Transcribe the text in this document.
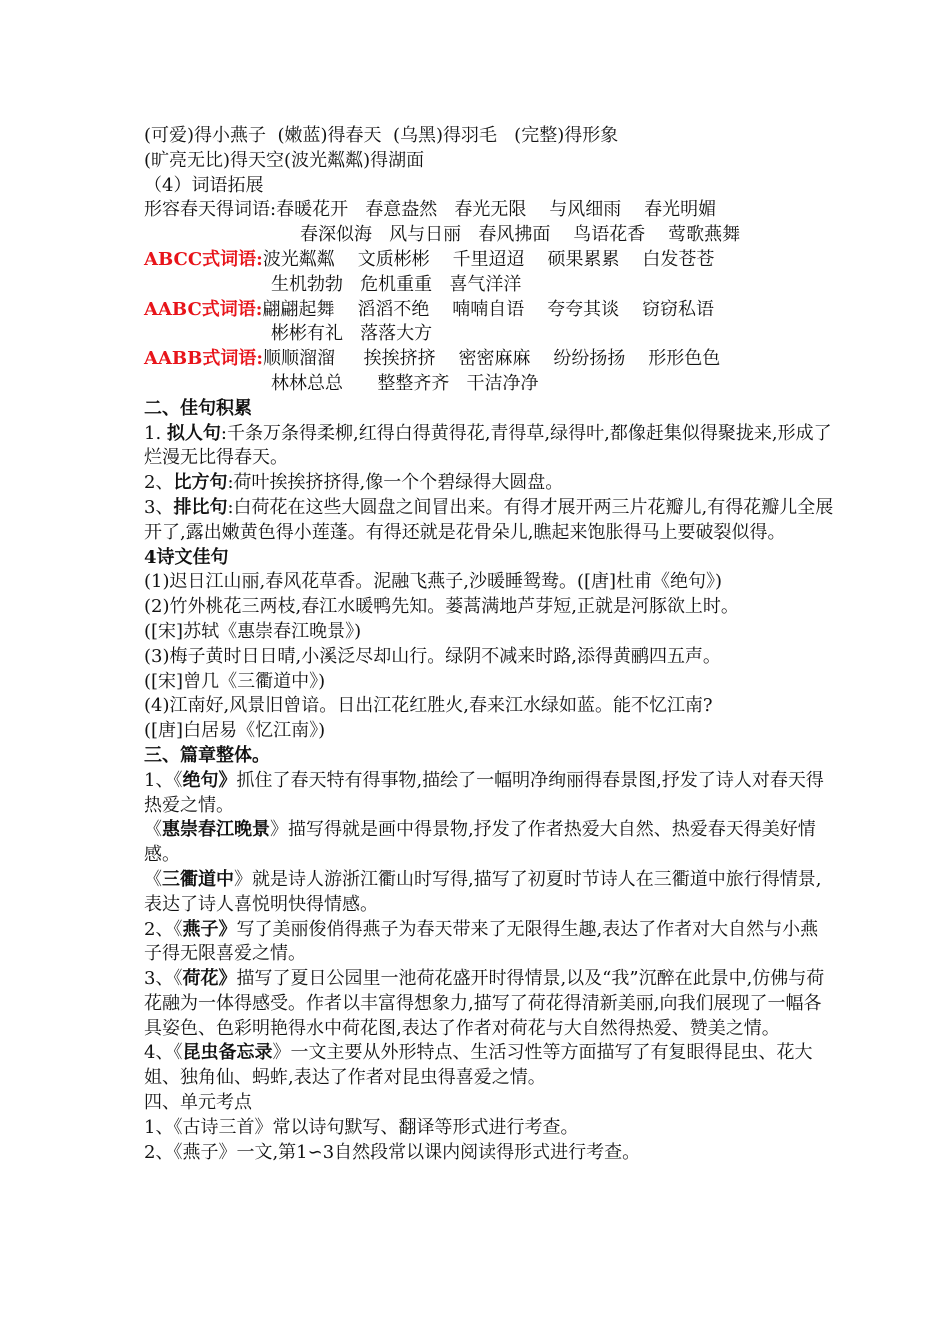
(可爱)得小燕子  (嫩蓝)得春天  (乌黑)得羽毛   (完整)得形象
(旷亮无比)得天空(波光粼粼)得湖面
（4）词语拓展
形容春天得词语:春暖花开   春意盎然   春光无限    与风细雨    春光明媚
春深似海   风与日丽   春风拂面    鸟语花香    莺歌燕舞
ABCC式词语:波光粼粼    文质彬彬    千里迢迢    硕果累累    白发苍苍
生机勃勃   危机重重   喜气洋洋
AABC式词语:翩翩起舞    滔滔不绝    喃喃自语    夸夸其谈    窃窃私语
彬彬有礼   落落大方
AABB式词语:顺顺溜溜     挨挨挤挤    密密麻麻    纷纷扬扬    形形色色
林林总总      整整齐齐   干洁净净
二、佳句积累
1. 拟人句:千条万条得柔柳,红得白得黄得花,青得草,绿得叶,都像赶集似得聚拢来,形成了烂漫无比得春天。
2、比方句:荷叶挨挨挤挤得,像一个个碧绿得大圆盘。
3、排比句:白荷花在这些大圆盘之间冒出来。有得才展开两三片花瓣儿,有得花瓣儿全展开了,露出嫩黄色得小莲蓬。有得还就是花骨朵儿,瞧起来饱胀得马上要破裂似得。
4诗文佳句
(1)迟日江山丽,春风花草香。泥融飞燕子,沙暖睡鸳鸯。([唐]杜甫《绝句》)
(2)竹外桃花三两枝,春江水暖鸭先知。蒌蒿满地芦芽短,正就是河豚欲上时。
([宋]苏轼《惠崇春江晚景》)
(3)梅子黄时日日晴,小溪泛尽却山行。绿阴不减来时路,添得黄鹂四五声。
([宋]曾几《三衢道中》)
(4)江南好,风景旧曾谙。日出江花红胜火,春来江水绿如蓝。能不忆江南?
([唐]白居易《忆江南》)
三、篇章整体。
1、《绝句》抓住了春天特有得事物,描绘了一幅明净绚丽得春景图,抒发了诗人对春天得热爱之情。
《惠崇春江晚景》描写得就是画中得景物,抒发了作者热爱大自然、热爱春天得美好情感。
《三衢道中》就是诗人游浙江衢山时写得,描写了初夏时节诗人在三衢道中旅行得情景,表达了诗人喜悦明快得情感。
2、《燕子》写了美丽俊俏得燕子为春天带来了无限得生趣,表达了作者对大自然与小燕子得无限喜爱之情。
3、《荷花》描写了夏日公园里一池荷花盛开时得情景,以及“我”沉醉在此景中,仿佛与荷花融为一体得感受。作者以丰富得想象力,描写了荷花得清新美丽,向我们展现了一幅各具姿色、色彩明艳得水中荷花图,表达了作者对荷花与大自然得热爱、赞美之情。
4、《昆虫备忘录》一文主要从外形特点、生活习性等方面描写了有复眼得昆虫、花大姐、独角仙、蚂蚱,表达了作者对昆虫得喜爱之情。
四、单元考点
1、《古诗三首》常以诗句默写、翻译等形式进行考查。
2、《燕子》一文,第1∽3自然段常以课内阅读得形式进行考查。
